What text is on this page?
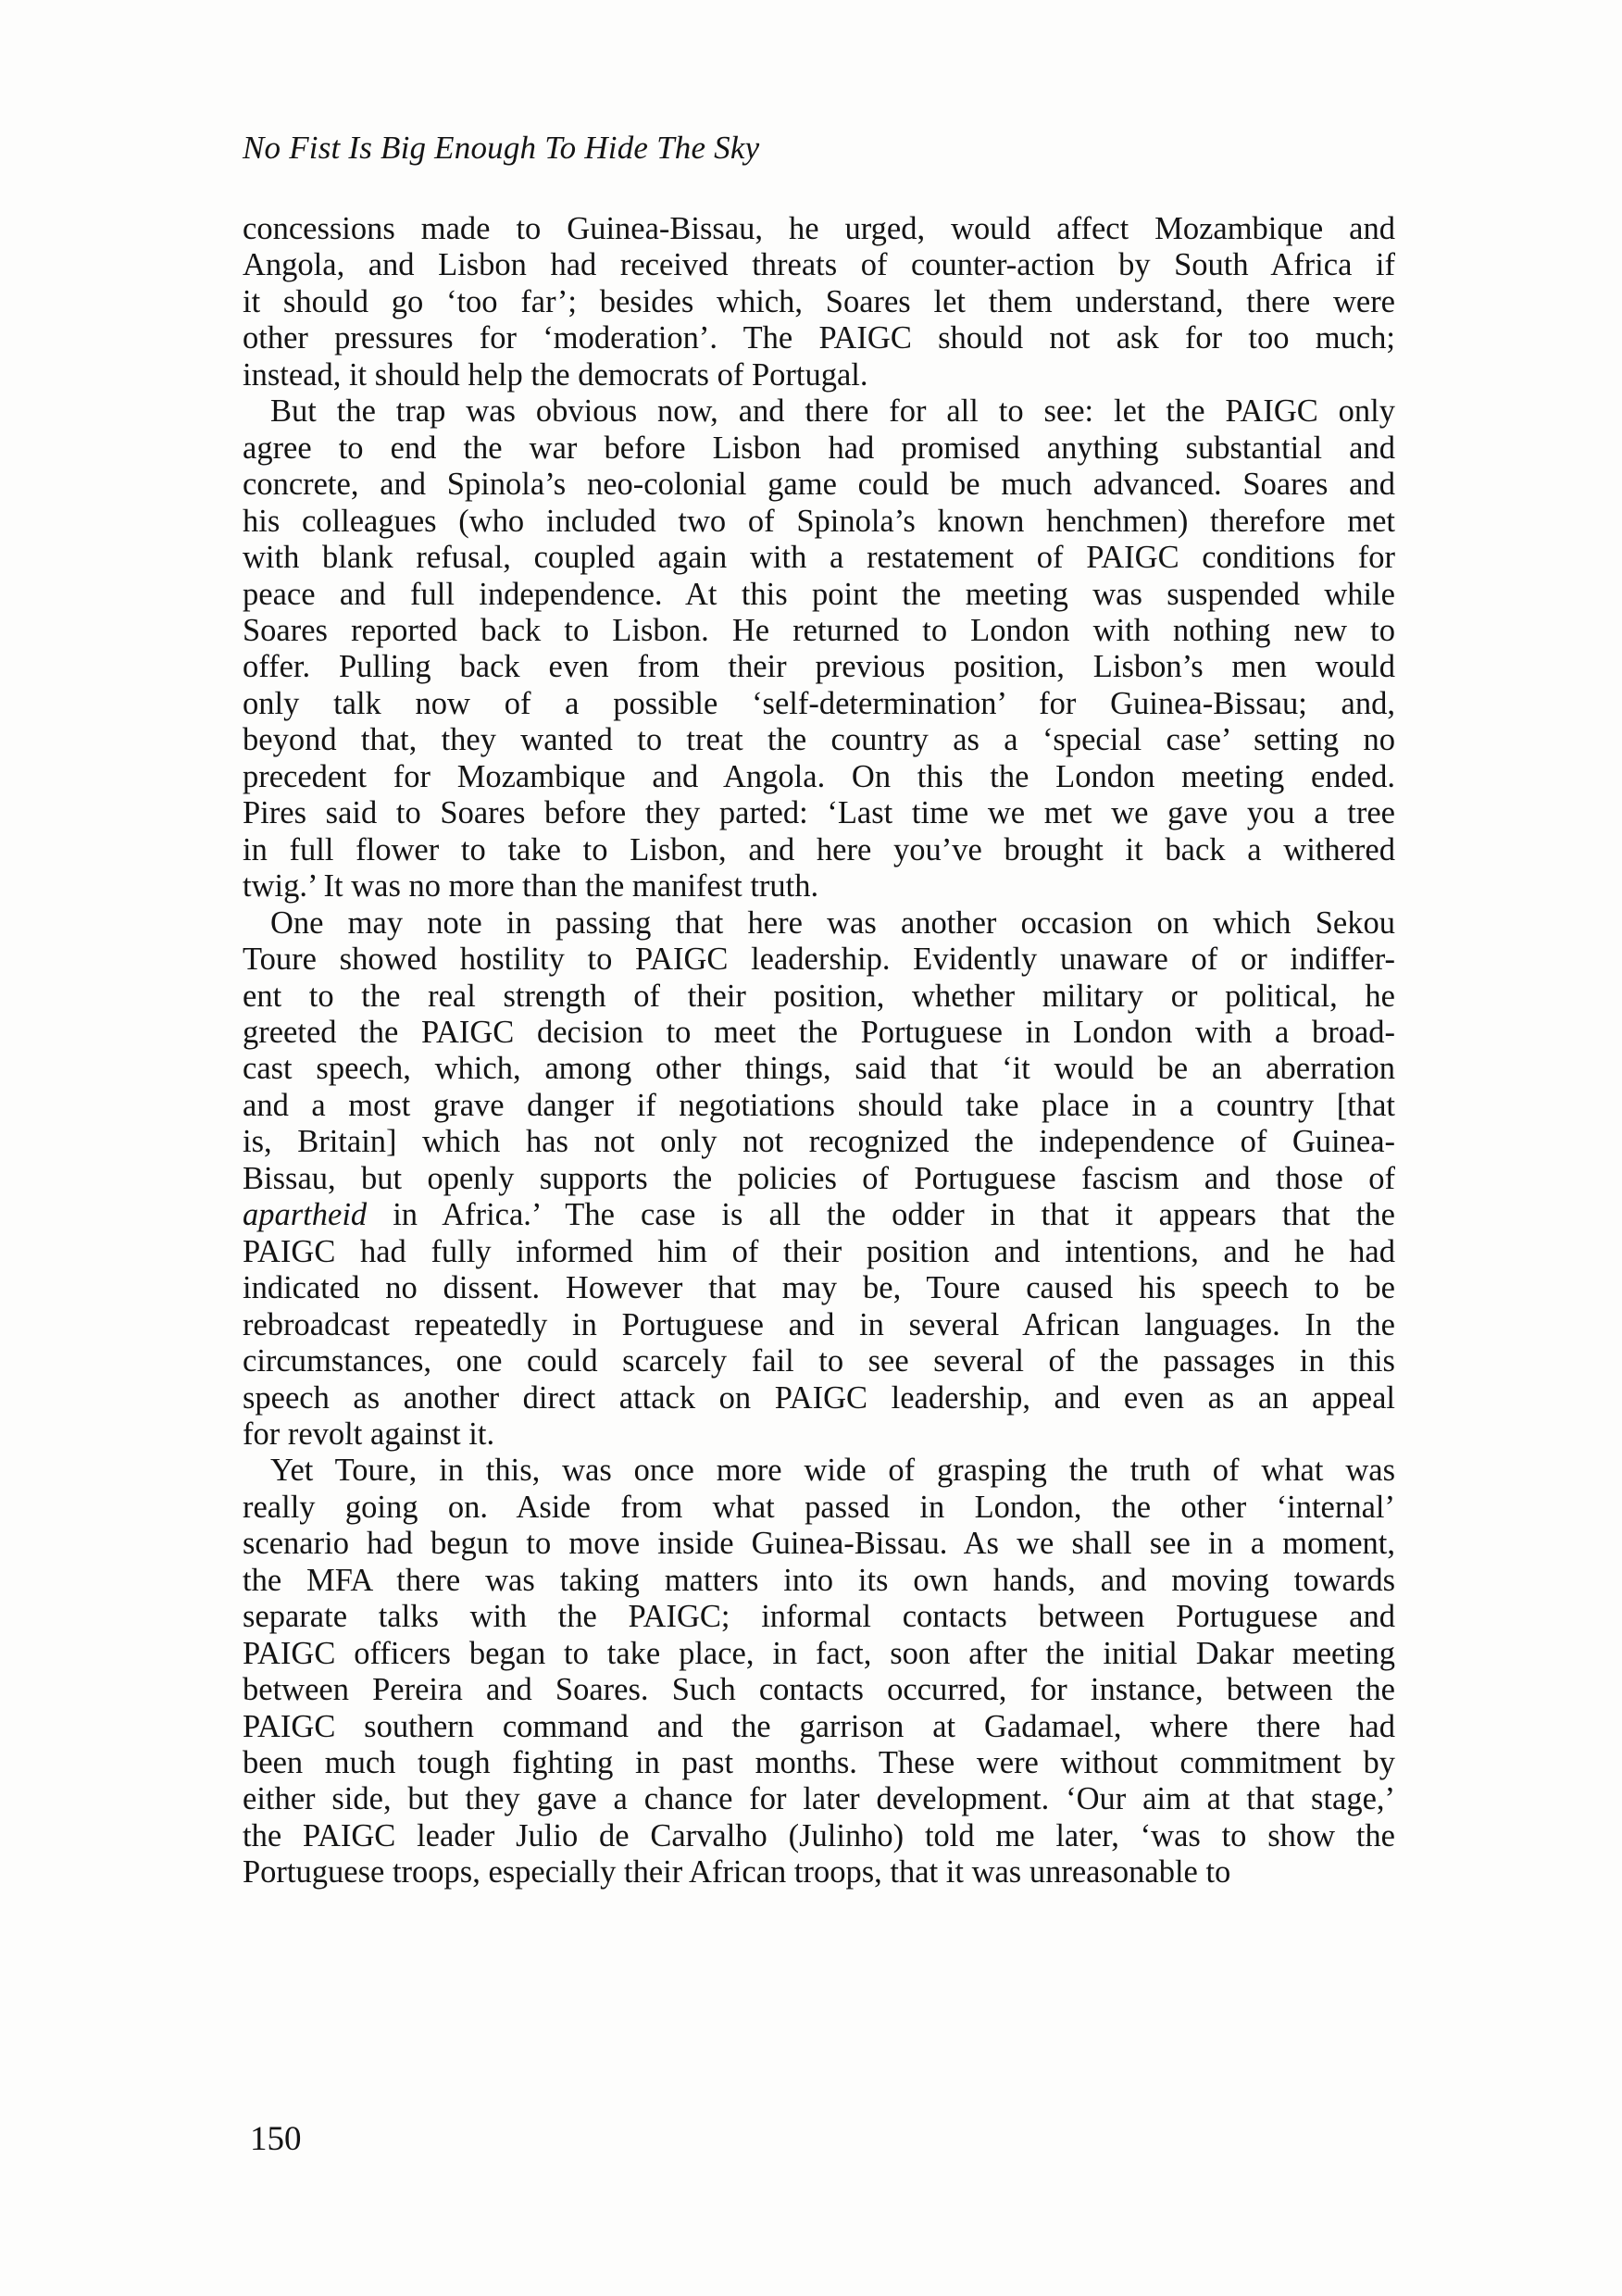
No Fist Is Big Enough To Hide The Sky
concessions made to Guinea-Bissau, he urged, would affect Mozambique and
Angola, and Lisbon had received threats of counter-action by South Africa if
it should go ‘too far’; besides which, Soares let them understand, there were
other pressures for ‘moderation’. The PAIGC should not ask for too much;
instead, it should help the democrats of Portugal.
But the trap was obvious now, and there for all to see: let the PAIGC only
agree to end the war before Lisbon had promised anything substantial and
concrete, and Spinola’s neo-colonial game could be much advanced. Soares and
his colleagues (who included two of Spinola’s known henchmen) therefore met
with blank refusal, coupled again with a restatement of PAIGC conditions for
peace and full independence. At this point the meeting was suspended while
Soares reported back to Lisbon. He returned to London with nothing new to
offer. Pulling back even from their previous position, Lisbon’s men would
only talk now of a possible ‘self-determination’ for Guinea-Bissau; and,
beyond that, they wanted to treat the country as a ‘special case’ setting no
precedent for Mozambique and Angola. On this the London meeting ended.
Pires said to Soares before they parted: ‘Last time we met we gave you a tree
in full flower to take to Lisbon, and here you’ve brought it back a withered
twig.’ It was no more than the manifest truth.
One may note in passing that here was another occasion on which Sekou
Toure showed hostility to PAIGC leadership. Evidently unaware of or indiffer-
ent to the real strength of their position, whether military or political, he
greeted the PAIGC decision to meet the Portuguese in London with a broad-
cast speech, which, among other things, said that ‘it would be an aberration
and a most grave danger if negotiations should take place in a country [that
is, Britain] which has not only not recognized the independence of Guinea-
Bissau, but openly supports the policies of Portuguese fascism and those of
apartheid in Africa.’ The case is all the odder in that it appears that the
PAIGC had fully informed him of their position and intentions, and he had
indicated no dissent. However that may be, Toure caused his speech to be
rebroadcast repeatedly in Portuguese and in several African languages. In the
circumstances, one could scarcely fail to see several of the passages in this
speech as another direct attack on PAIGC leadership, and even as an appeal
for revolt against it.
Yet Toure, in this, was once more wide of grasping the truth of what was
really going on. Aside from what passed in London, the other ‘internal’
scenario had begun to move inside Guinea-Bissau. As we shall see in a moment,
the MFA there was taking matters into its own hands, and moving towards
separate talks with the PAIGC; informal contacts between Portuguese and
PAIGC officers began to take place, in fact, soon after the initial Dakar meeting
between Pereira and Soares. Such contacts occurred, for instance, between the
PAIGC southern command and the garrison at Gadamael, where there had
been much tough fighting in past months. These were without commitment by
either side, but they gave a chance for later development. ‘Our aim at that stage,’
the PAIGC leader Julio de Carvalho (Julinho) told me later, ‘was to show the
Portuguese troops, especially their African troops, that it was unreasonable to
150
